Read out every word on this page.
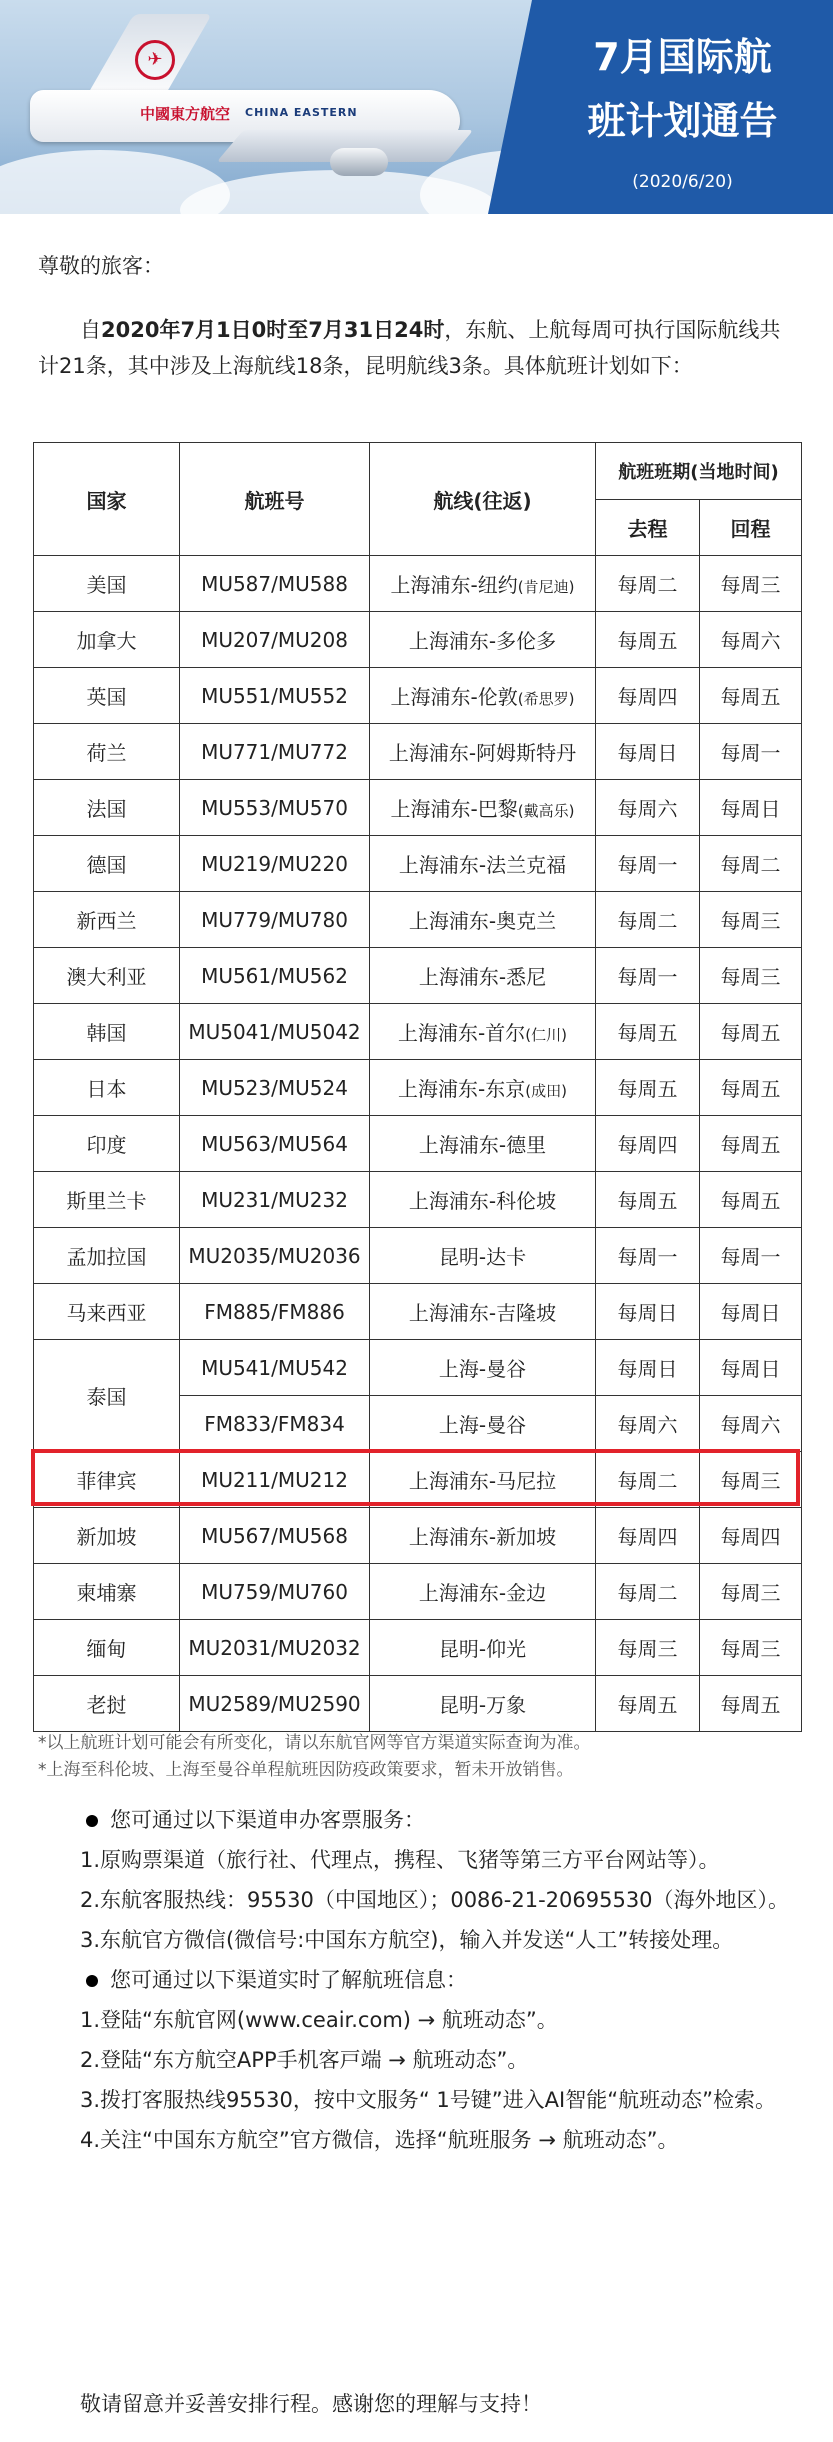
✈
中國東方航空 CHINA EASTERN
7月国际航
班计划通告
(2020/6/20)
尊敬的旅客：
自2020年7月1日0时至7月31日24时，东航、上航每周可执行国际航线共计21条，其中涉及上海航线18条，昆明航线3条。具体航班计划如下：
国家	航班号	航线(往返)	航班班期(当地时间)	
			去程	回程
美国	MU587/MU588	上海浦东-纽约(肯尼迪)	每周二	每周三
加拿大	MU207/MU208	上海浦东-多伦多	每周五	每周六
英国	MU551/MU552	上海浦东-伦敦(希思罗)	每周四	每周五
荷兰	MU771/MU772	上海浦东-阿姆斯特丹	每周日	每周一
法国	MU553/MU570	上海浦东-巴黎(戴高乐)	每周六	每周日
德国	MU219/MU220	上海浦东-法兰克福	每周一	每周二
新西兰	MU779/MU780	上海浦东-奥克兰	每周二	每周三
澳大利亚	MU561/MU562	上海浦东-悉尼	每周一	每周三
韩国	MU5041/MU5042	上海浦东-首尔(仁川)	每周五	每周五
日本	MU523/MU524	上海浦东-东京(成田)	每周五	每周五
印度	MU563/MU564	上海浦东-德里	每周四	每周五
斯里兰卡	MU231/MU232	上海浦东-科伦坡	每周五	每周五
孟加拉国	MU2035/MU2036	昆明-达卡	每周一	每周一
马来西亚	FM885/FM886	上海浦东-吉隆坡	每周日	每周日
泰国	MU541/MU542	上海-曼谷	每周日	每周日
	FM833/FM834	上海-曼谷	每周六	每周六
菲律宾	MU211/MU212	上海浦东-马尼拉	每周二	每周三
新加坡	MU567/MU568	上海浦东-新加坡	每周四	每周四
柬埔寨	MU759/MU760	上海浦东-金边	每周二	每周三
缅甸	MU2031/MU2032	昆明-仰光	每周三	每周三
老挝	MU2589/MU2590	昆明-万象	每周五	每周五
*以上航班计划可能会有所变化，请以东航官网等官方渠道实际查询为准。
*上海至科伦坡、上海至曼谷单程航班因防疫政策要求，暂未开放销售。
您可通过以下渠道申办客票服务：
1.原购票渠道（旅行社、代理点，携程、飞猪等第三方平台网站等）。
2.东航客服热线：95530（中国地区）；0086-21-20695530（海外地区）。
3.东航官方微信(微信号:中国东方航空)，输入并发送“人工”转接处理。
您可通过以下渠道实时了解航班信息：
1.登陆“东航官网(www.ceair.com) → 航班动态”。
2.登陆“东方航空APP手机客戸端 → 航班动态”。
3.拨打客服热线95530，按中文服务“ 1号键”进入AI智能“航班动态”检索。
4.关注“中国东方航空”官方微信，选择“航班服务 → 航班动态”。
敬请留意并妥善安排行程。感谢您的理解与支持！
